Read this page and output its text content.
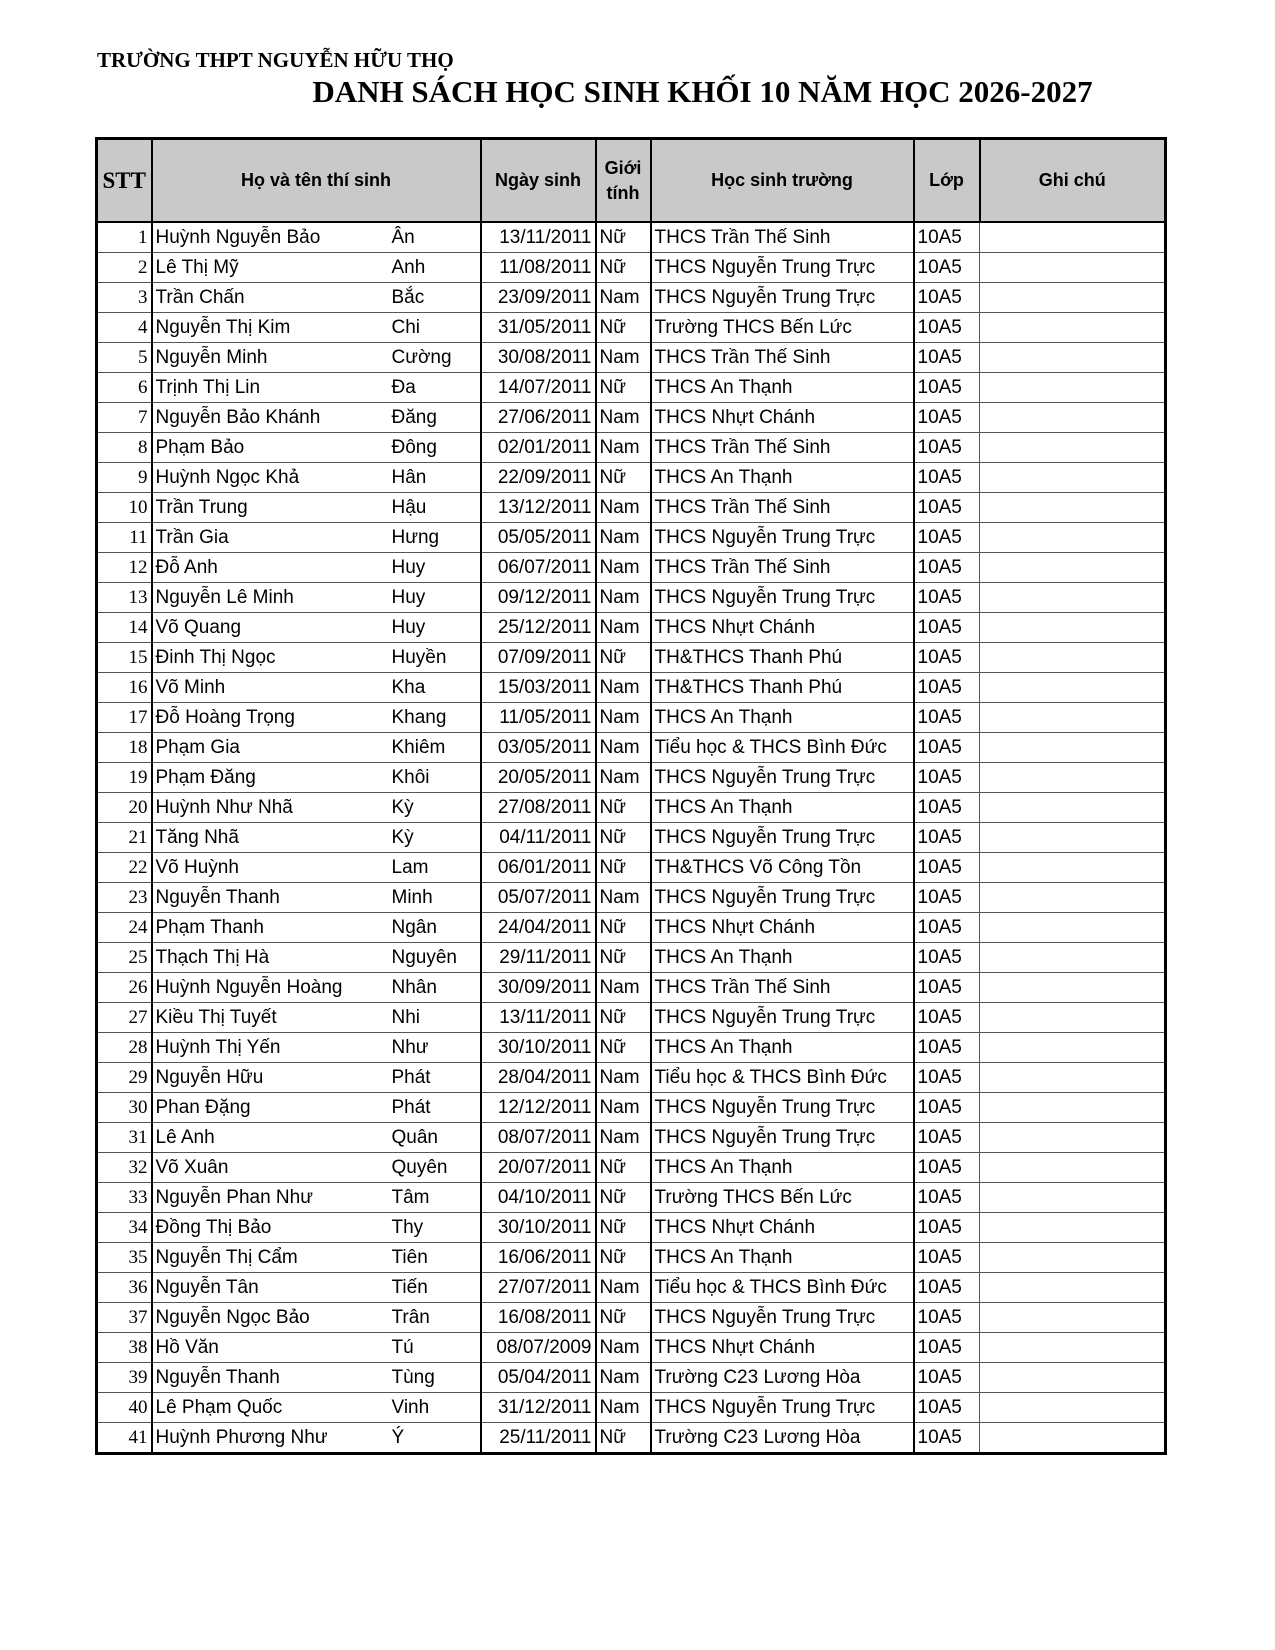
TRƯỜNG THPT NGUYỄN HỮU THỌ
DANH SÁCH HỌC SINH KHỐI 10 NĂM HỌC 2026-2027
STT	Họ và tên thí sinh		Ngày sinh	Giới
tính	Học sinh trường	Lớp	Ghi chú
1	Huỳnh Nguyễn Bảo	Ân	13/11/2011	Nữ	THCS Trần Thế Sinh	10A5	
2	Lê Thị Mỹ	Anh	11/08/2011	Nữ	THCS Nguyễn Trung Trực	10A5	
3	Trần Chấn	Bắc	23/09/2011	Nam	THCS Nguyễn Trung Trực	10A5	
4	Nguyễn Thị Kim	Chi	31/05/2011	Nữ	Trường THCS Bến Lức	10A5	
5	Nguyễn Minh	Cường	30/08/2011	Nam	THCS Trần Thế Sinh	10A5	
6	Trịnh Thị Lin	Đa	14/07/2011	Nữ	THCS An Thạnh	10A5	
7	Nguyễn Bảo Khánh	Đăng	27/06/2011	Nam	THCS Nhựt Chánh	10A5	
8	Phạm Bảo	Đông	02/01/2011	Nam	THCS Trần Thế Sinh	10A5	
9	Huỳnh Ngọc Khả	Hân	22/09/2011	Nữ	THCS An Thạnh	10A5	
10	Trần Trung	Hậu	13/12/2011	Nam	THCS Trần Thế Sinh	10A5	
11	Trần Gia	Hưng	05/05/2011	Nam	THCS Nguyễn Trung Trực	10A5	
12	Đỗ Anh	Huy	06/07/2011	Nam	THCS Trần Thế Sinh	10A5	
13	Nguyễn Lê Minh	Huy	09/12/2011	Nam	THCS Nguyễn Trung Trực	10A5	
14	Võ Quang	Huy	25/12/2011	Nam	THCS Nhựt Chánh	10A5	
15	Đinh Thị Ngọc	Huyền	07/09/2011	Nữ	TH&THCS Thanh Phú	10A5	
16	Võ Minh	Kha	15/03/2011	Nam	TH&THCS Thanh Phú	10A5	
17	Đỗ Hoàng Trọng	Khang	11/05/2011	Nam	THCS An Thạnh	10A5	
18	Phạm Gia	Khiêm	03/05/2011	Nam	Tiểu học & THCS Bình Đức	10A5	
19	Phạm Đăng	Khôi	20/05/2011	Nam	THCS Nguyễn Trung Trực	10A5	
20	Huỳnh Như Nhã	Kỳ	27/08/2011	Nữ	THCS An Thạnh	10A5	
21	Tăng Nhã	Kỳ	04/11/2011	Nữ	THCS Nguyễn Trung Trực	10A5	
22	Võ Huỳnh	Lam	06/01/2011	Nữ	TH&THCS Võ Công Tồn	10A5	
23	Nguyễn Thanh	Minh	05/07/2011	Nam	THCS Nguyễn Trung Trực	10A5	
24	Phạm Thanh	Ngân	24/04/2011	Nữ	THCS Nhựt Chánh	10A5	
25	Thạch Thị Hà	Nguyên	29/11/2011	Nữ	THCS An Thạnh	10A5	
26	Huỳnh Nguyễn Hoàng	Nhân	30/09/2011	Nam	THCS Trần Thế Sinh	10A5	
27	Kiều Thị Tuyết	Nhi	13/11/2011	Nữ	THCS Nguyễn Trung Trực	10A5	
28	Huỳnh Thị Yến	Như	30/10/2011	Nữ	THCS An Thạnh	10A5	
29	Nguyễn Hữu	Phát	28/04/2011	Nam	Tiểu học & THCS Bình Đức	10A5	
30	Phan Đặng	Phát	12/12/2011	Nam	THCS Nguyễn Trung Trực	10A5	
31	Lê Anh	Quân	08/07/2011	Nam	THCS Nguyễn Trung Trực	10A5	
32	Võ Xuân	Quyên	20/07/2011	Nữ	THCS An Thạnh	10A5	
33	Nguyễn Phan Như	Tâm	04/10/2011	Nữ	Trường THCS Bến Lức	10A5	
34	Đồng Thị Bảo	Thy	30/10/2011	Nữ	THCS Nhựt Chánh	10A5	
35	Nguyễn Thị Cẩm	Tiên	16/06/2011	Nữ	THCS An Thạnh	10A5	
36	Nguyễn Tân	Tiến	27/07/2011	Nam	Tiểu học & THCS Bình Đức	10A5	
37	Nguyễn Ngọc Bảo	Trân	16/08/2011	Nữ	THCS Nguyễn Trung Trực	10A5	
38	Hồ Văn	Tú	08/07/2009	Nam	THCS Nhựt Chánh	10A5	
39	Nguyễn Thanh	Tùng	05/04/2011	Nam	Trường C23 Lương Hòa	10A5	
40	Lê Phạm Quốc	Vinh	31/12/2011	Nam	THCS Nguyễn Trung Trực	10A5	
41	Huỳnh Phương Như	Ý	25/11/2011	Nữ	Trường C23 Lương Hòa	10A5	
